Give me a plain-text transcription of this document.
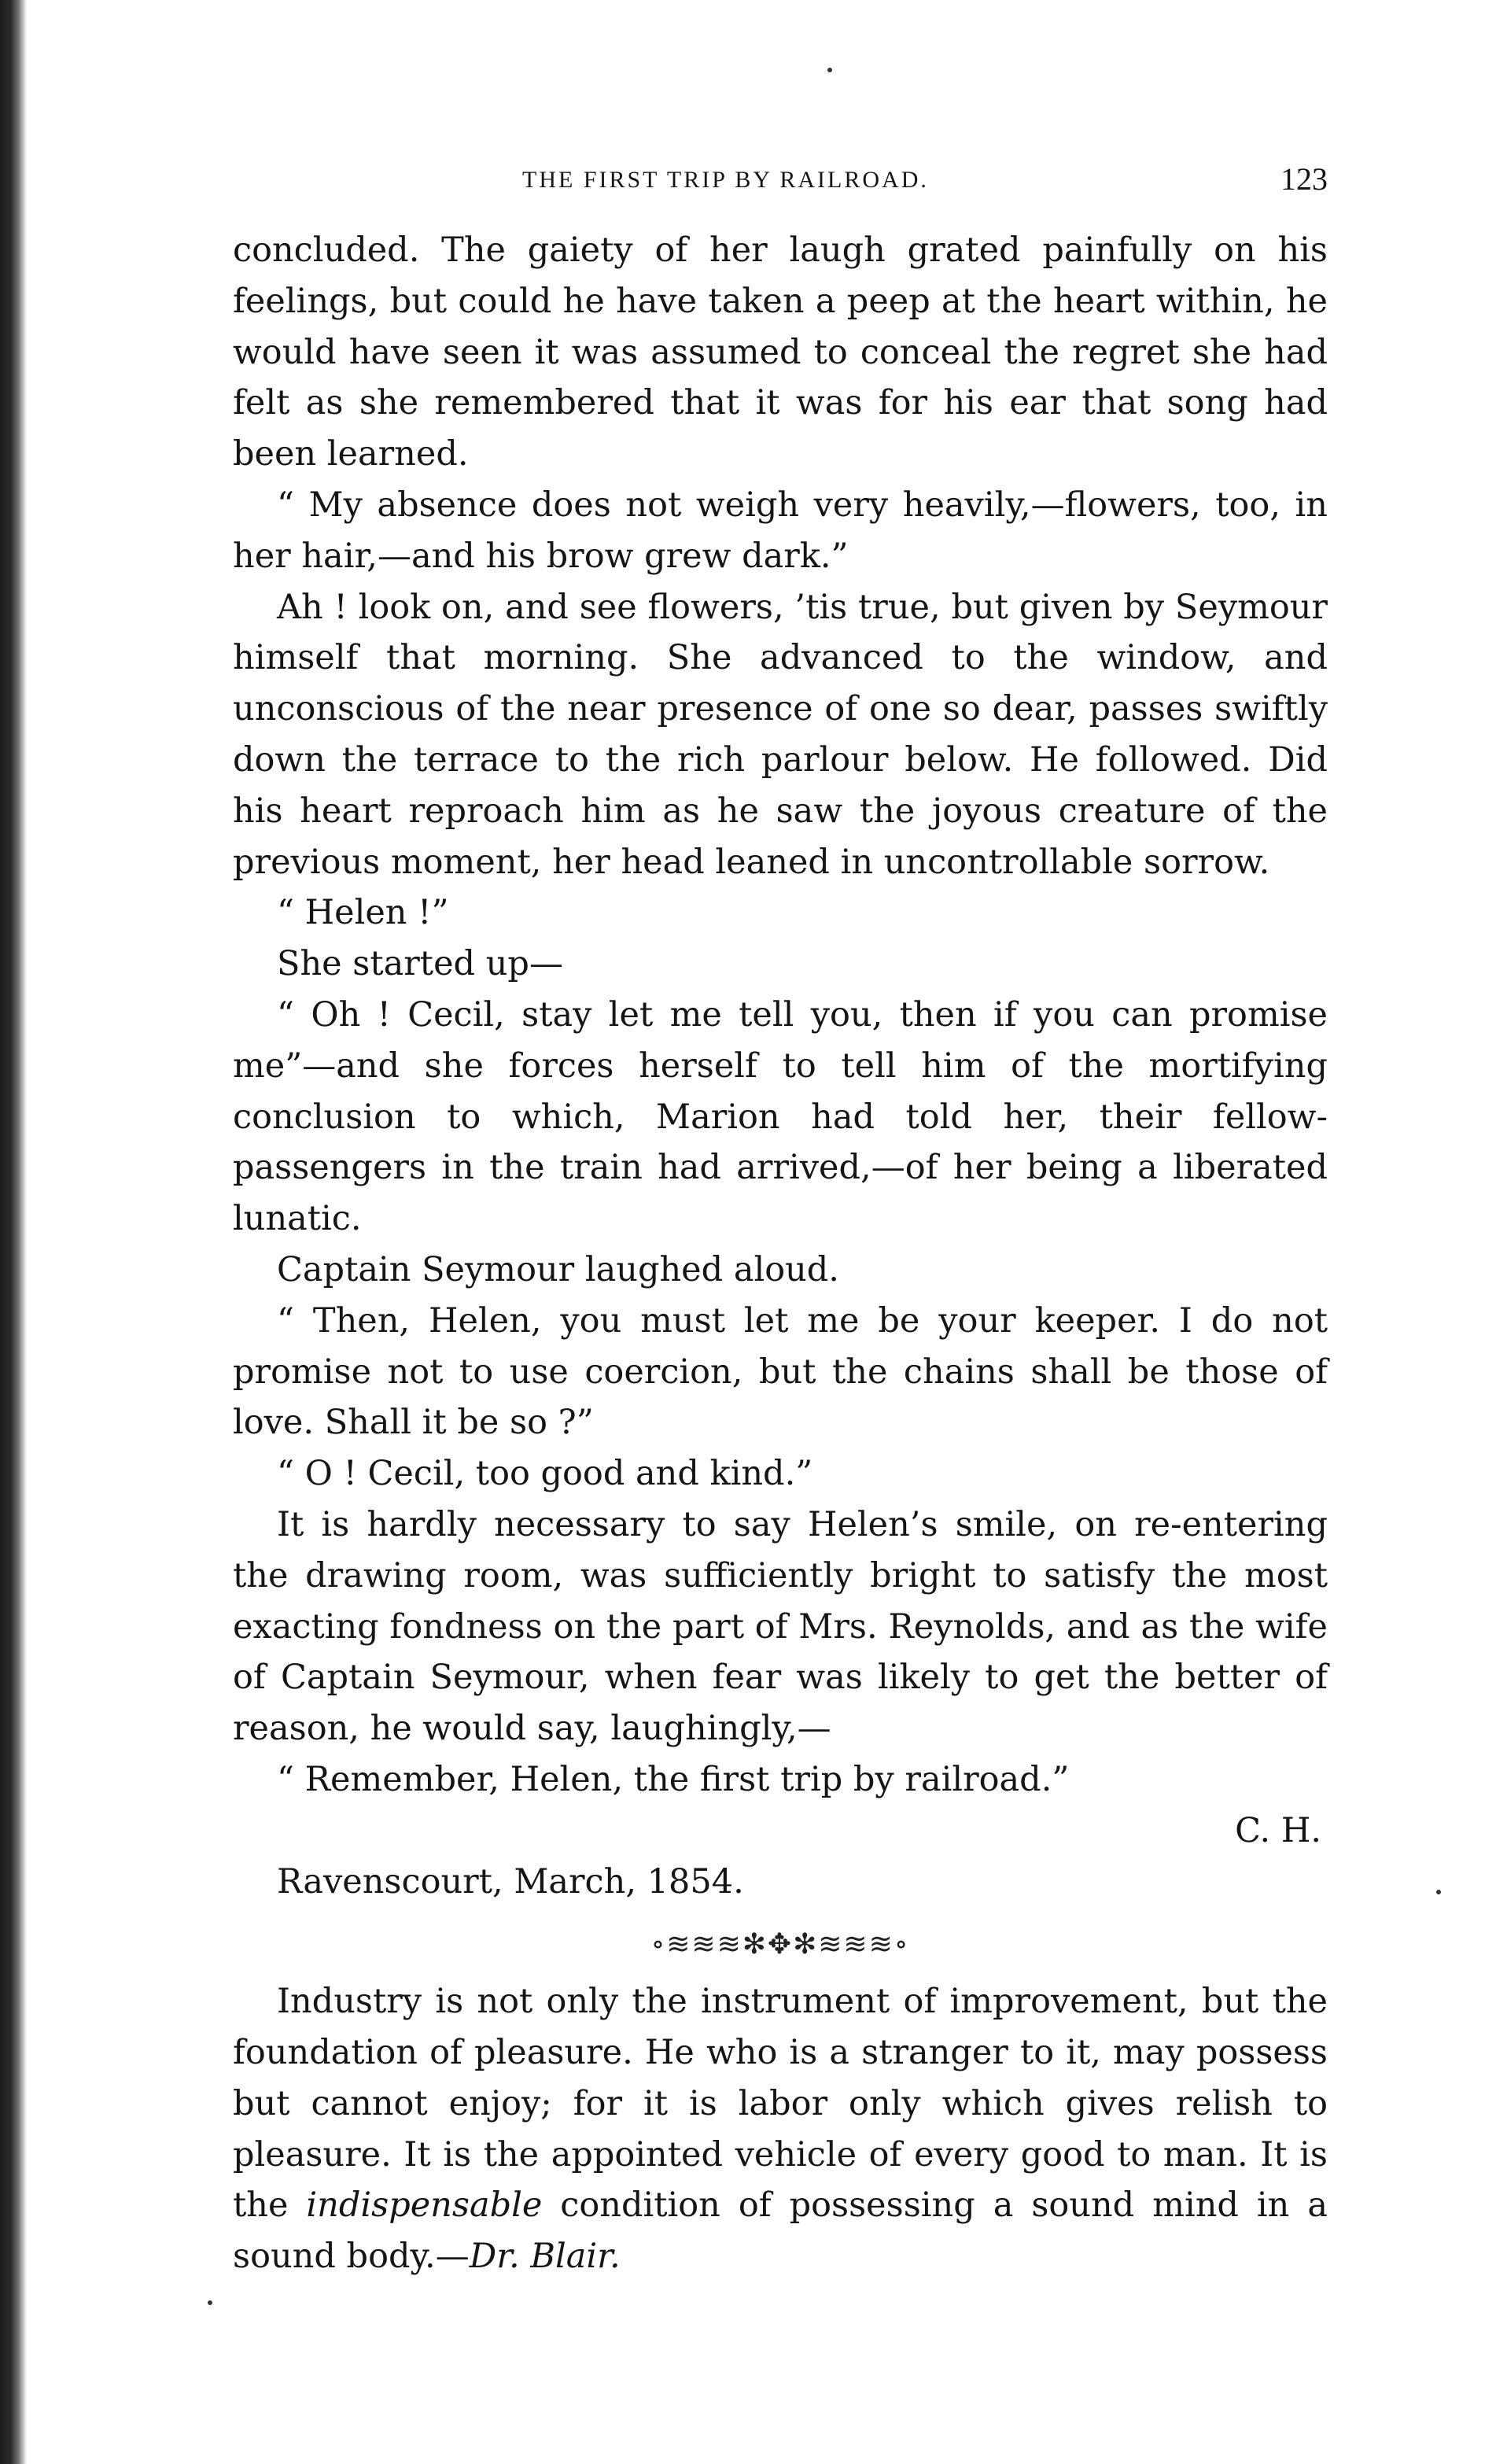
THE FIRST TRIP BY RAILROAD.	123

concluded. The gaiety of her laugh grated painfully on his feelings, but could he have taken a peep at the heart within, he would have seen it was assumed to conceal the regret she had felt as she remembered that it was for his ear that song had been learned.

“ My absence does not weigh very heavily,—flowers, too, in her hair,—and his brow grew dark.”

Ah ! look on, and see flowers, ’tis true, but given by Seymour himself that morning. She advanced to the window, and unconscious of the near presence of one so dear, passes swiftly down the terrace to the rich parlour below. He followed. Did his heart reproach him as he saw the joyous creature of the previous moment, her head leaned in uncontrollable sorrow.

“ Helen !”

She started up—

“ Oh ! Cecil, stay let me tell you, then if you can promise me”—and she forces herself to tell him of the mortifying conclusion to which, Marion had told her, their fellow-passengers in the train had arrived,—of her being a liberated lunatic.

Captain Seymour laughed aloud.

“ Then, Helen, you must let me be your keeper. I do not promise not to use coercion, but the chains shall be those of love. Shall it be so ?”

“ O ! Cecil, too good and kind.”

It is hardly necessary to say Helen’s smile, on re-entering the drawing room, was sufficiently bright to satisfy the most exacting fondness on the part of Mrs. Reynolds, and as the wife of Captain Seymour, when fear was likely to get the better of reason, he would say, laughingly,—

“ Remember, Helen, the first trip by railroad.”

C. H.

Ravenscourt, March, 1854.

∘≋≋≋✻✥✻≋≋≋∘

Industry is not only the instrument of improvement, but the foundation of pleasure. He who is a stranger to it, may possess but cannot enjoy; for it is labor only which gives relish to pleasure. It is the appointed vehicle of every good to man. It is the indispensable condition of possessing a sound mind in a sound body.—Dr. Blair.
